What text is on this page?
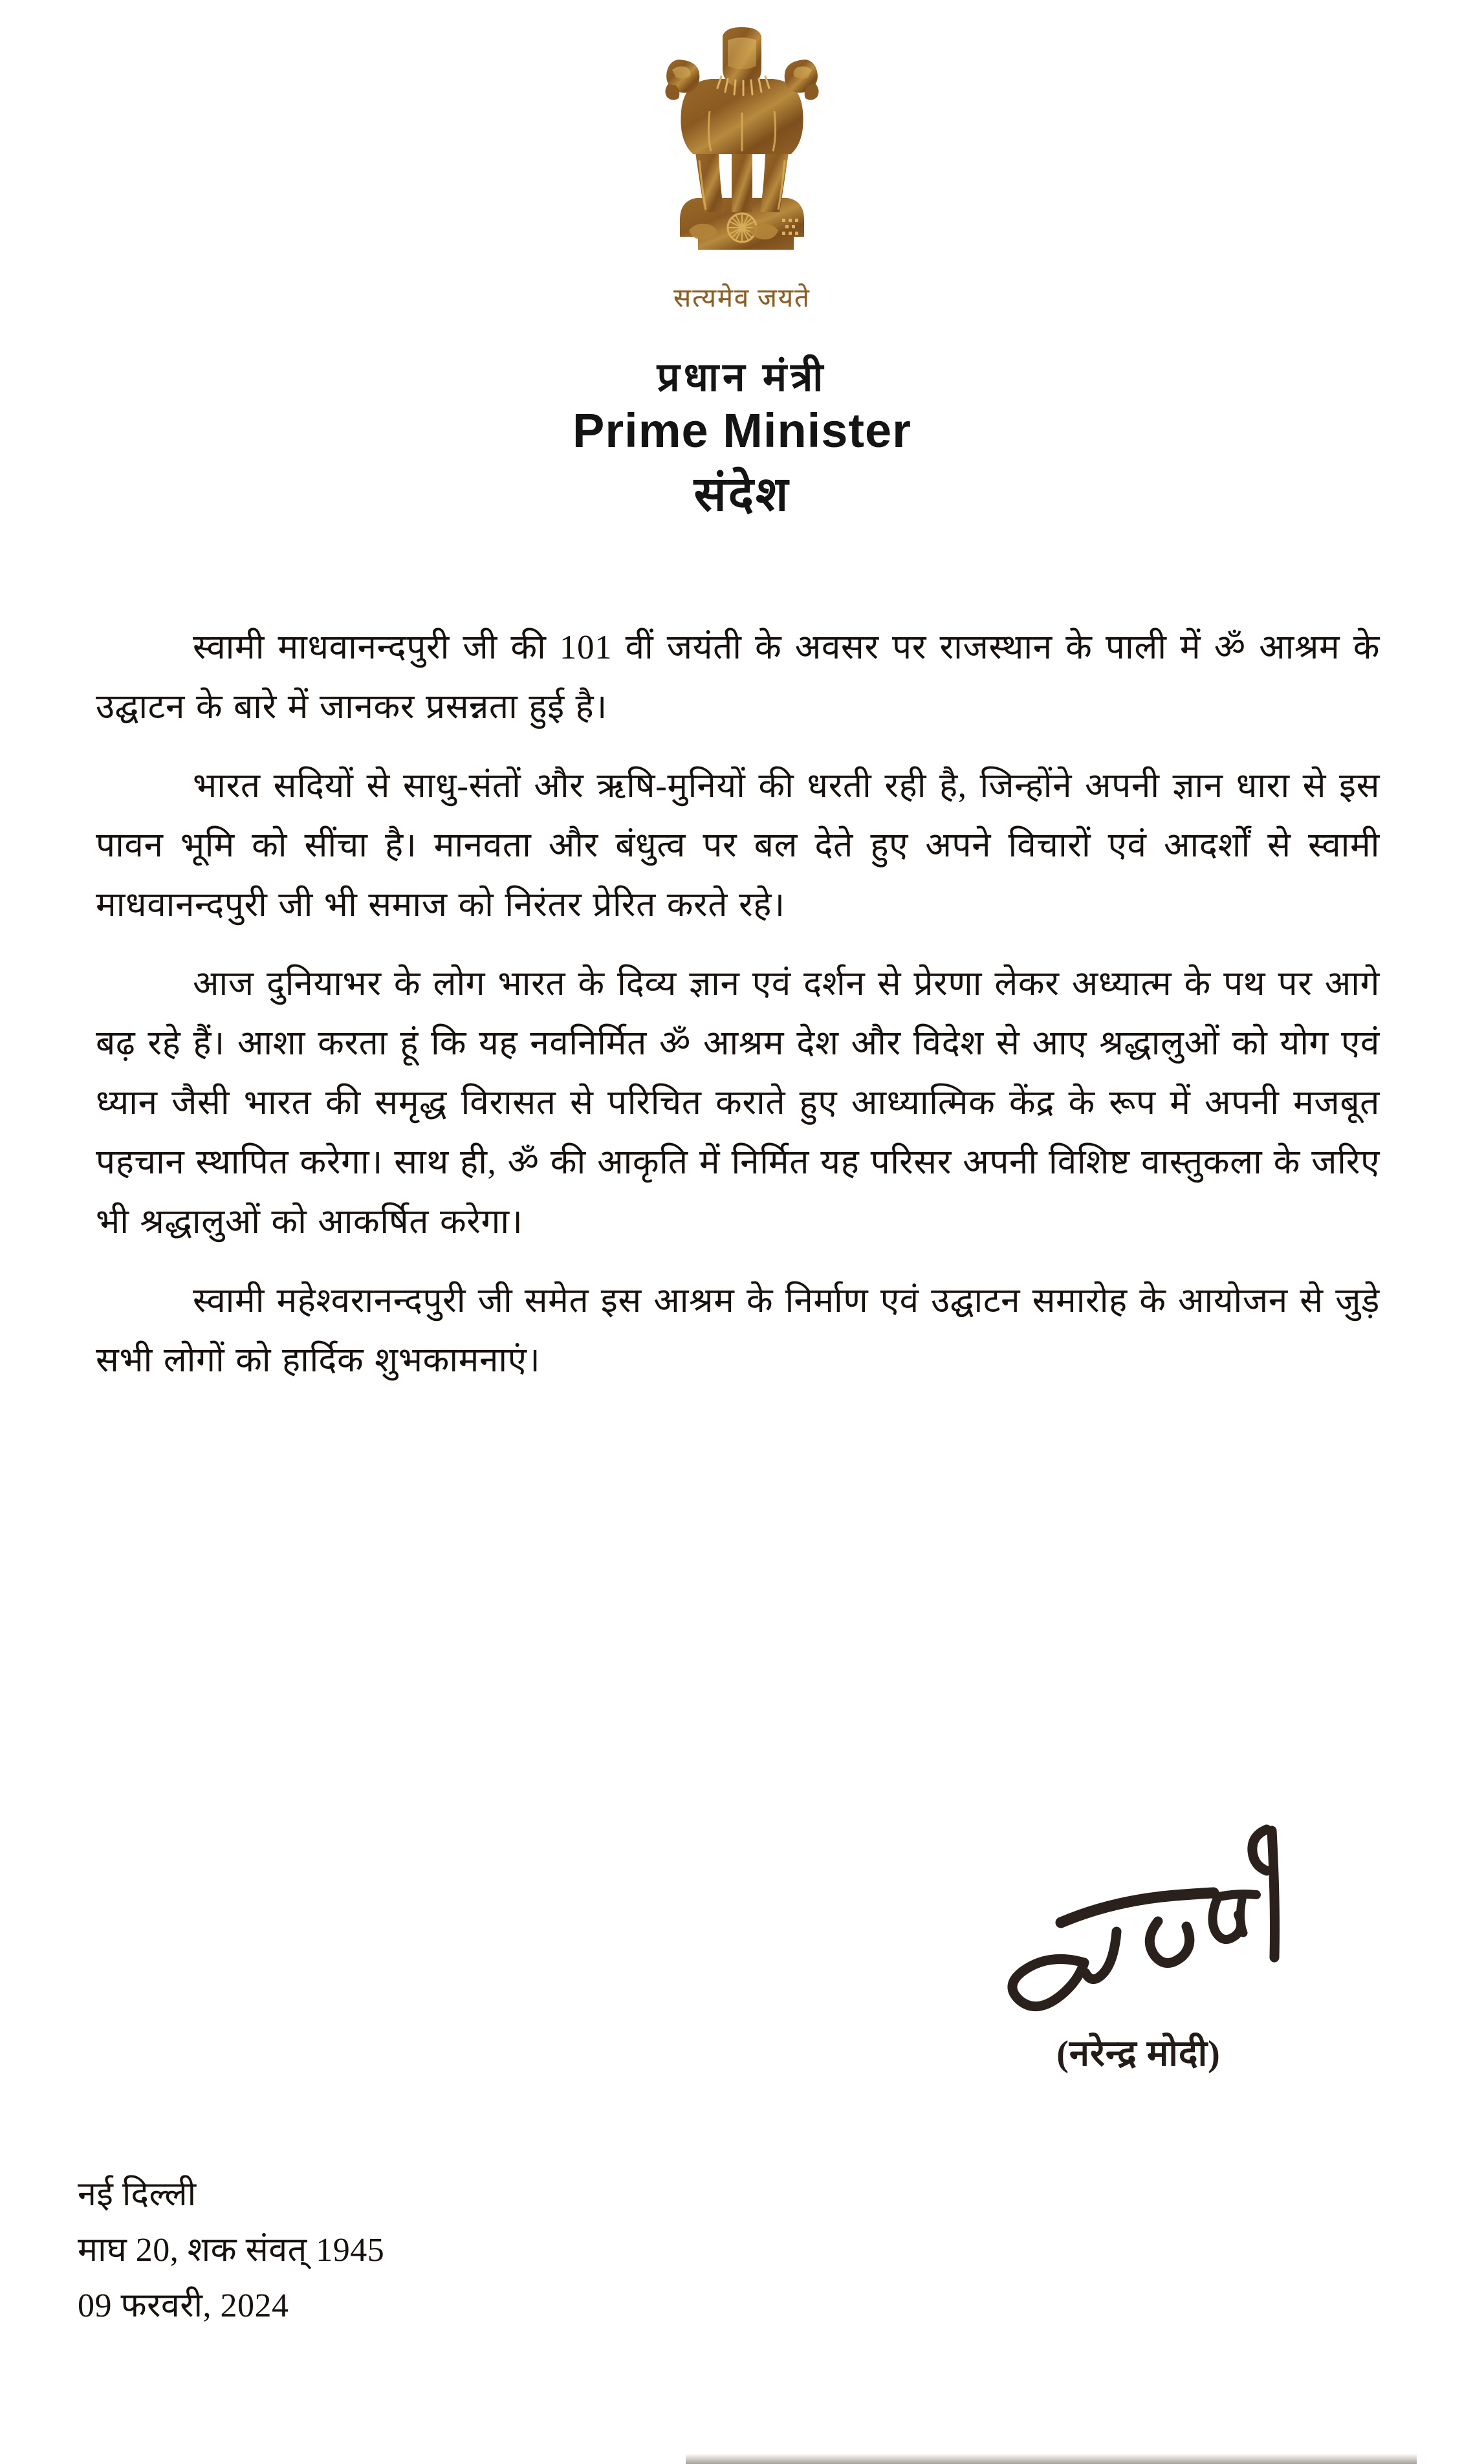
सत्यमेव जयते
प्रधान मंत्री
Prime Minister
संदेश

स्वामी माधवानन्दपुरी जी की 101 वीं जयंती के अवसर पर राजस्थान के पाली में ॐ आश्रम के उद्घाटन के बारे में जानकर प्रसन्नता हुई है।

भारत सदियों से साधु-संतों और ऋषि-मुनियों की धरती रही है, जिन्होंने अपनी ज्ञान धारा से इस पावन भूमि को सींचा है। मानवता और बंधुत्व पर बल देते हुए अपने विचारों एवं आदर्शों से स्वामी माधवानन्दपुरी जी भी समाज को निरंतर प्रेरित करते रहे।

आज दुनियाभर के लोग भारत के दिव्य ज्ञान एवं दर्शन से प्रेरणा लेकर अध्यात्म के पथ पर आगे बढ़ रहे हैं। आशा करता हूं कि यह नवनिर्मित ॐ आश्रम देश और विदेश से आए श्रद्धालुओं को योग एवं ध्यान जैसी भारत की समृद्ध विरासत से परिचित कराते हुए आध्यात्मिक केंद्र के रूप में अपनी मजबूत पहचान स्थापित करेगा। साथ ही, ॐ की आकृति में निर्मित यह परिसर अपनी विशिष्ट वास्तुकला के जरिए भी श्रद्धालुओं को आकर्षित करेगा।

स्वामी महेश्वरानन्दपुरी जी समेत इस आश्रम के निर्माण एवं उद्घाटन समारोह के आयोजन से जुड़े सभी लोगों को हार्दिक शुभकामनाएं।

(नरेन्द्र मोदी)
नई दिल्ली
माघ 20, शक संवत् 1945
09 फरवरी, 2024
